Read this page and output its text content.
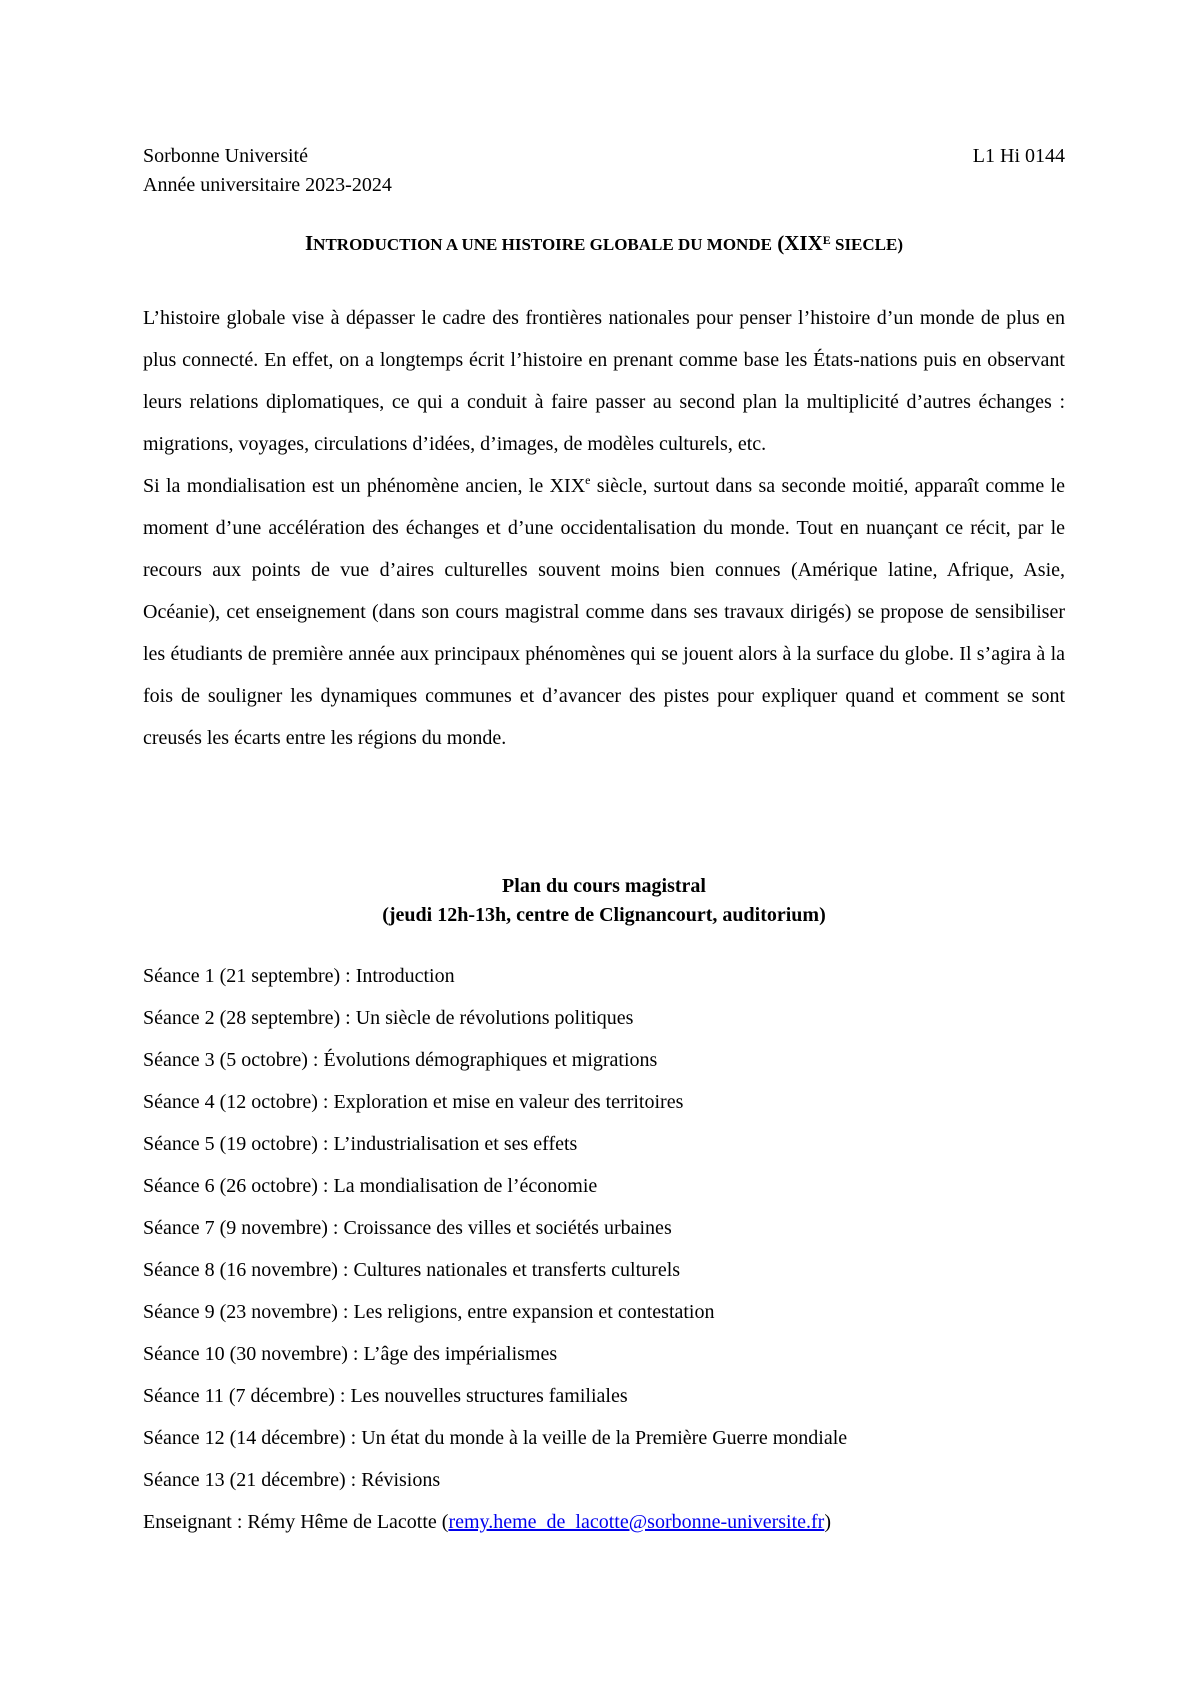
Sorbonne Université	L1 Hi 0144
Année universitaire 2023-2024
INTRODUCTION A UNE HISTOIRE GLOBALE DU MONDE ($XIX^E$ SIECLE)

L’histoire globale vise à dépasser le cadre des frontières nationales pour penser l’histoire d’un monde de plus en plus connecté. En effet, on a longtemps écrit l’histoire en prenant comme base les États-nations puis en observant leurs relations diplomatiques, ce qui a conduit à faire passer au second plan la multiplicité d’autres échanges : migrations, voyages, circulations d’idées, d’images, de modèles culturels, etc.

Si la mondialisation est un phénomène ancien, le XIXe siècle, surtout dans sa seconde moitié, apparaît comme le moment d’une accélération des échanges et d’une occidentalisation du monde. Tout en nuançant ce récit, par le recours aux points de vue d’aires culturelles souvent moins bien connues (Amérique latine, Afrique, Asie, Océanie), cet enseignement (dans son cours magistral comme dans ses travaux dirigés) se propose de sensibiliser les étudiants de première année aux principaux phénomènes qui se jouent alors à la surface du globe. Il s’agira à la fois de souligner les dynamiques communes et d’avancer des pistes pour expliquer quand et comment se sont creusés les écarts entre les régions du monde.

Plan du cours magistral
(jeudi 12h-13h, centre de Clignancourt, auditorium)
Séance 1 (21 septembre) : Introduction
Séance 2 (28 septembre) : Un siècle de révolutions politiques
Séance 3 (5 octobre) : Évolutions démographiques et migrations
Séance 4 (12 octobre) : Exploration et mise en valeur des territoires
Séance 5 (19 octobre) : L’industrialisation et ses effets
Séance 6 (26 octobre) : La mondialisation de l’économie
Séance 7 (9 novembre) : Croissance des villes et sociétés urbaines
Séance 8 (16 novembre) : Cultures nationales et transferts culturels
Séance 9 (23 novembre) : Les religions, entre expansion et contestation
Séance 10 (30 novembre) : L’âge des impérialismes
Séance 11 (7 décembre) : Les nouvelles structures familiales
Séance 12 (14 décembre) : Un état du monde à la veille de la Première Guerre mondiale
Séance 13 (21 décembre) : Révisions
Enseignant : Rémy Hême de Lacotte (remy.heme_de_lacotte@sorbonne-universite.fr)
